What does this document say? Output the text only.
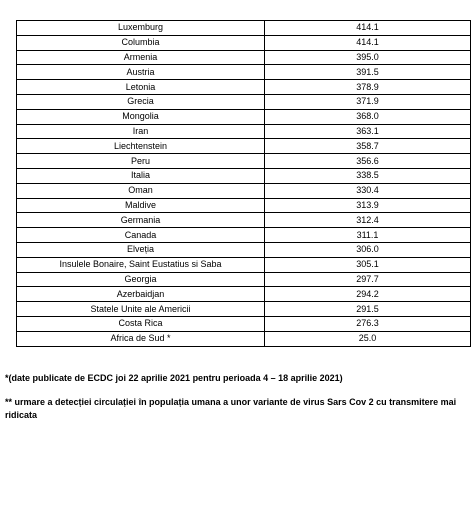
Luxemburg	414.1
Columbia	414.1
Armenia	395.0
Austria	391.5
Letonia	378.9
Grecia	371.9
Mongolia	368.0
Iran	363.1
Liechtenstein	358.7
Peru	356.6
Italia	338.5
Oman	330.4
Maldive	313.9
Germania	312.4
Canada	311.1
Elveția	306.0
Insulele Bonaire, Saint Eustatius si Saba	305.1
Georgia	297.7
Azerbaidjan	294.2
Statele Unite ale Americii	291.5
Costa Rica	276.3
Africa de Sud *	25.0
*(date publicate de ECDC joi 22 aprilie 2021 pentru perioada 4 – 18 aprilie 2021)
** urmare a detecției circulației în populația umana a unor variante de virus Sars Cov 2 cu transmitere mai ridicata
